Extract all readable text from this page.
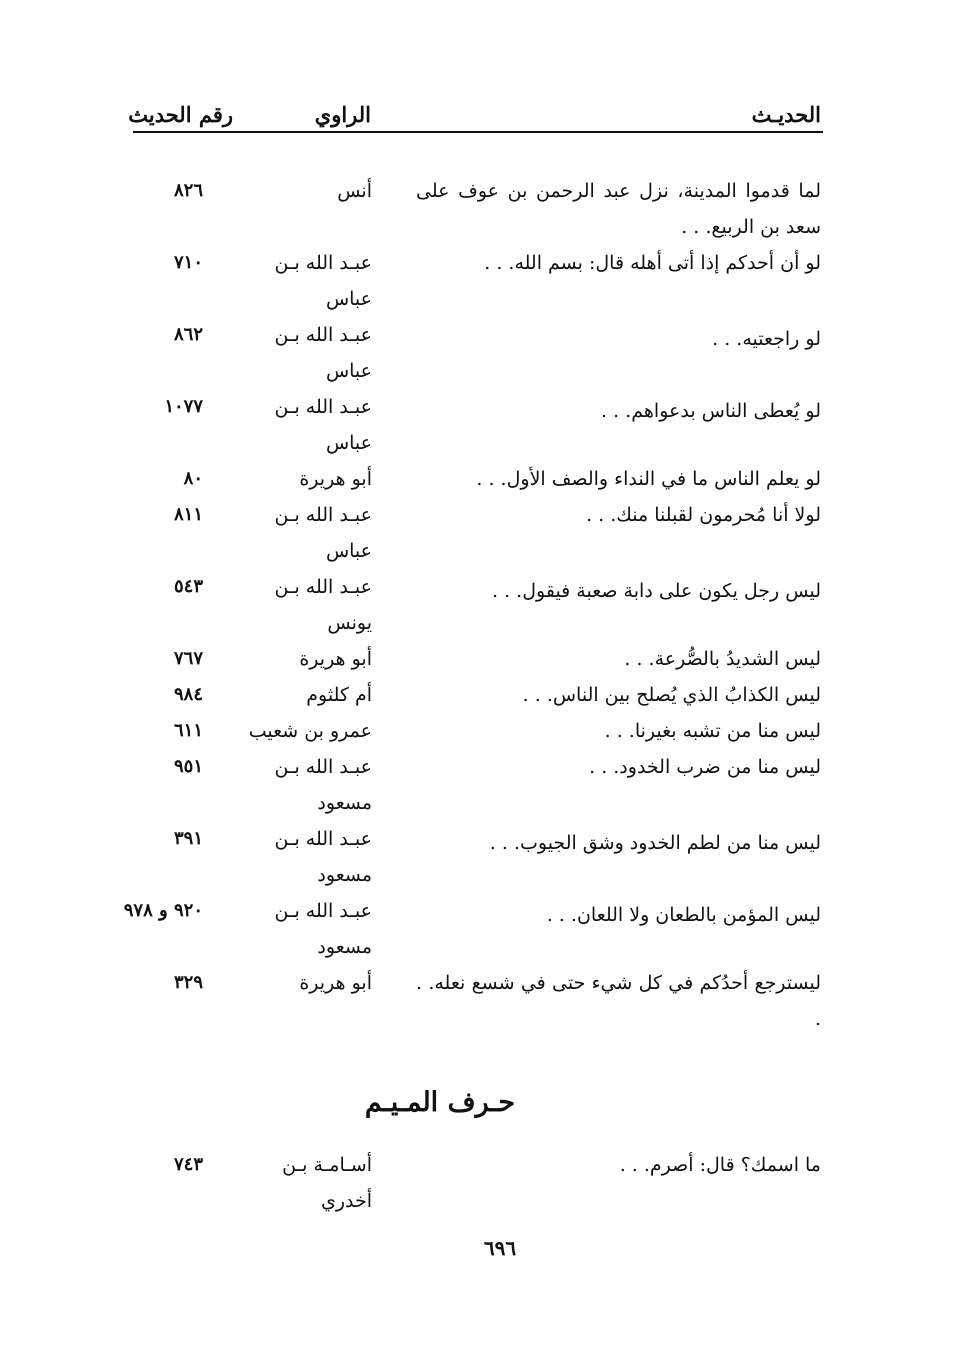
الحديـث
الراوي
رقم الحديث
لما قدموا المدينة، نزل عبد الرحمن بن عوف على سعد بن الربيع. . .
أنس
٨٢٦
لو أن أحدكم إذا أتى أهله قال: بسم الله. . .
عبـد الله بـن عباس
٧١٠
لو راجعتيه. . .
عبـد الله بـن عباس
٨٦٢
لو يُعطى الناس بدعواهم. . .
عبـد الله بـن عباس
١٠٧٧
لو يعلم الناس ما في النداء والصف الأول. . .
أبو هريرة
٨٠
لولا أنا مُحرمون لقبلنا منك. . .
عبـد الله بـن عباس
٨١١
ليس رجل يكون على دابة صعبة فيقول. . .
عبـد الله بـن يونس
٥٤٣
ليس الشديدُ بالصُّرعة. . .
أبو هريرة
٧٦٧
ليس الكذابُ الذي يُصلح بين الناس. . .
أم كلثوم
٩٨٤
ليس منا من تشبه بغيرنا. . .
عمرو بن شعيب
٦١١
ليس منا من ضرب الخدود. . .
عبـد الله بـن مسعود
٩٥١
ليس منا من لطم الخدود وشق الجيوب. . .
عبـد الله بـن مسعود
٣٩١
ليس المؤمن بالطعان ولا اللعان. . .
عبـد الله بـن مسعود
٩٢٠ و ٩٧٨
ليسترجع أحدُكم في كل شيء حتى في شسع نعله. . .
أبو هريرة
٣٢٩
حـرف المـيـم
ما اسمك؟ قال: أصرم. . .
أسـامـة بـن أخدري
٧٤٣
٦٩٦
